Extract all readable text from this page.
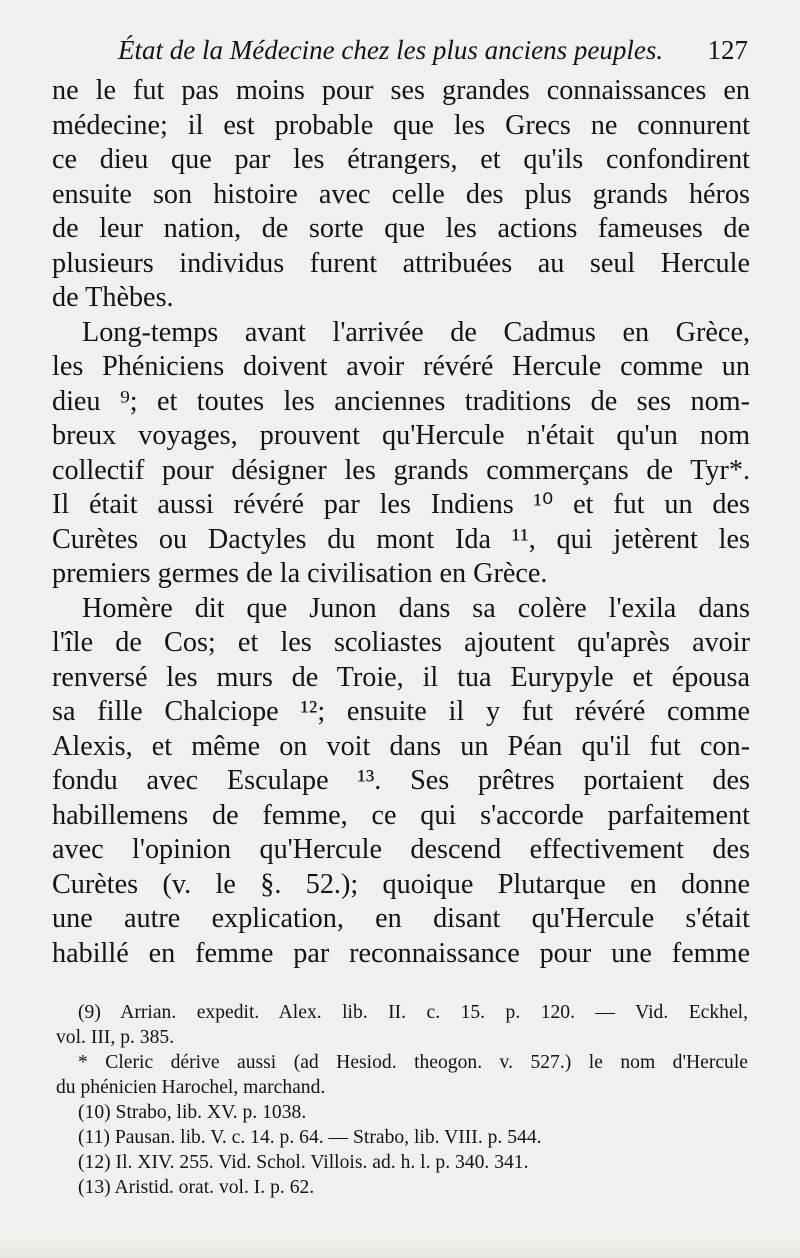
État de la Médecine chez les plus anciens peuples. 127
ne le fut pas moins pour ses grandes connaissances en
médecine; il est probable que les Grecs ne connurent
ce dieu que par les étrangers, et qu'ils confondirent
ensuite son histoire avec celle des plus grands héros
de leur nation, de sorte que les actions fameuses de
plusieurs individus furent attribuées au seul Hercule
de Thèbes.
Long-temps avant l'arrivée de Cadmus en Grèce,
les Phéniciens doivent avoir révéré Hercule comme un
dieu ⁹; et toutes les anciennes traditions de ses nom-
breux voyages, prouvent qu'Hercule n'était qu'un nom
collectif pour désigner les grands commerçans de Tyr*.
Il était aussi révéré par les Indiens ¹⁰ et fut un des
Curètes ou Dactyles du mont Ida ¹¹, qui jetèrent les
premiers germes de la civilisation en Grèce.
Homère dit que Junon dans sa colère l'exila dans
l'île de Cos; et les scoliastes ajoutent qu'après avoir
renversé les murs de Troie, il tua Eurypyle et épousa
sa fille Chalciope ¹²; ensuite il y fut révéré comme
Alexis, et même on voit dans un Péan qu'il fut con-
fondu avec Esculape ¹³. Ses prêtres portaient des
habillemens de femme, ce qui s'accorde parfaitement
avec l'opinion qu'Hercule descend effectivement des
Curètes (v. le §. 52.); quoique Plutarque en donne
une autre explication, en disant qu'Hercule s'était
habillé en femme par reconnaissance pour une femme
(9) Arrian. expedit. Alex. lib. II. c. 15. p. 120. — Vid. Eckhel,
vol. III, p. 385.
* Cleric dérive aussi (ad Hesiod. theogon. v. 527.) le nom d'Hercule
du phénicien Harochel, marchand.
(10) Strabo, lib. XV. p. 1038.
(11) Pausan. lib. V. c. 14. p. 64. — Strabo, lib. VIII. p. 544.
(12) Il. XIV. 255. Vid. Schol. Villois. ad. h. l. p. 340. 341.
(13) Aristid. orat. vol. I. p. 62.
